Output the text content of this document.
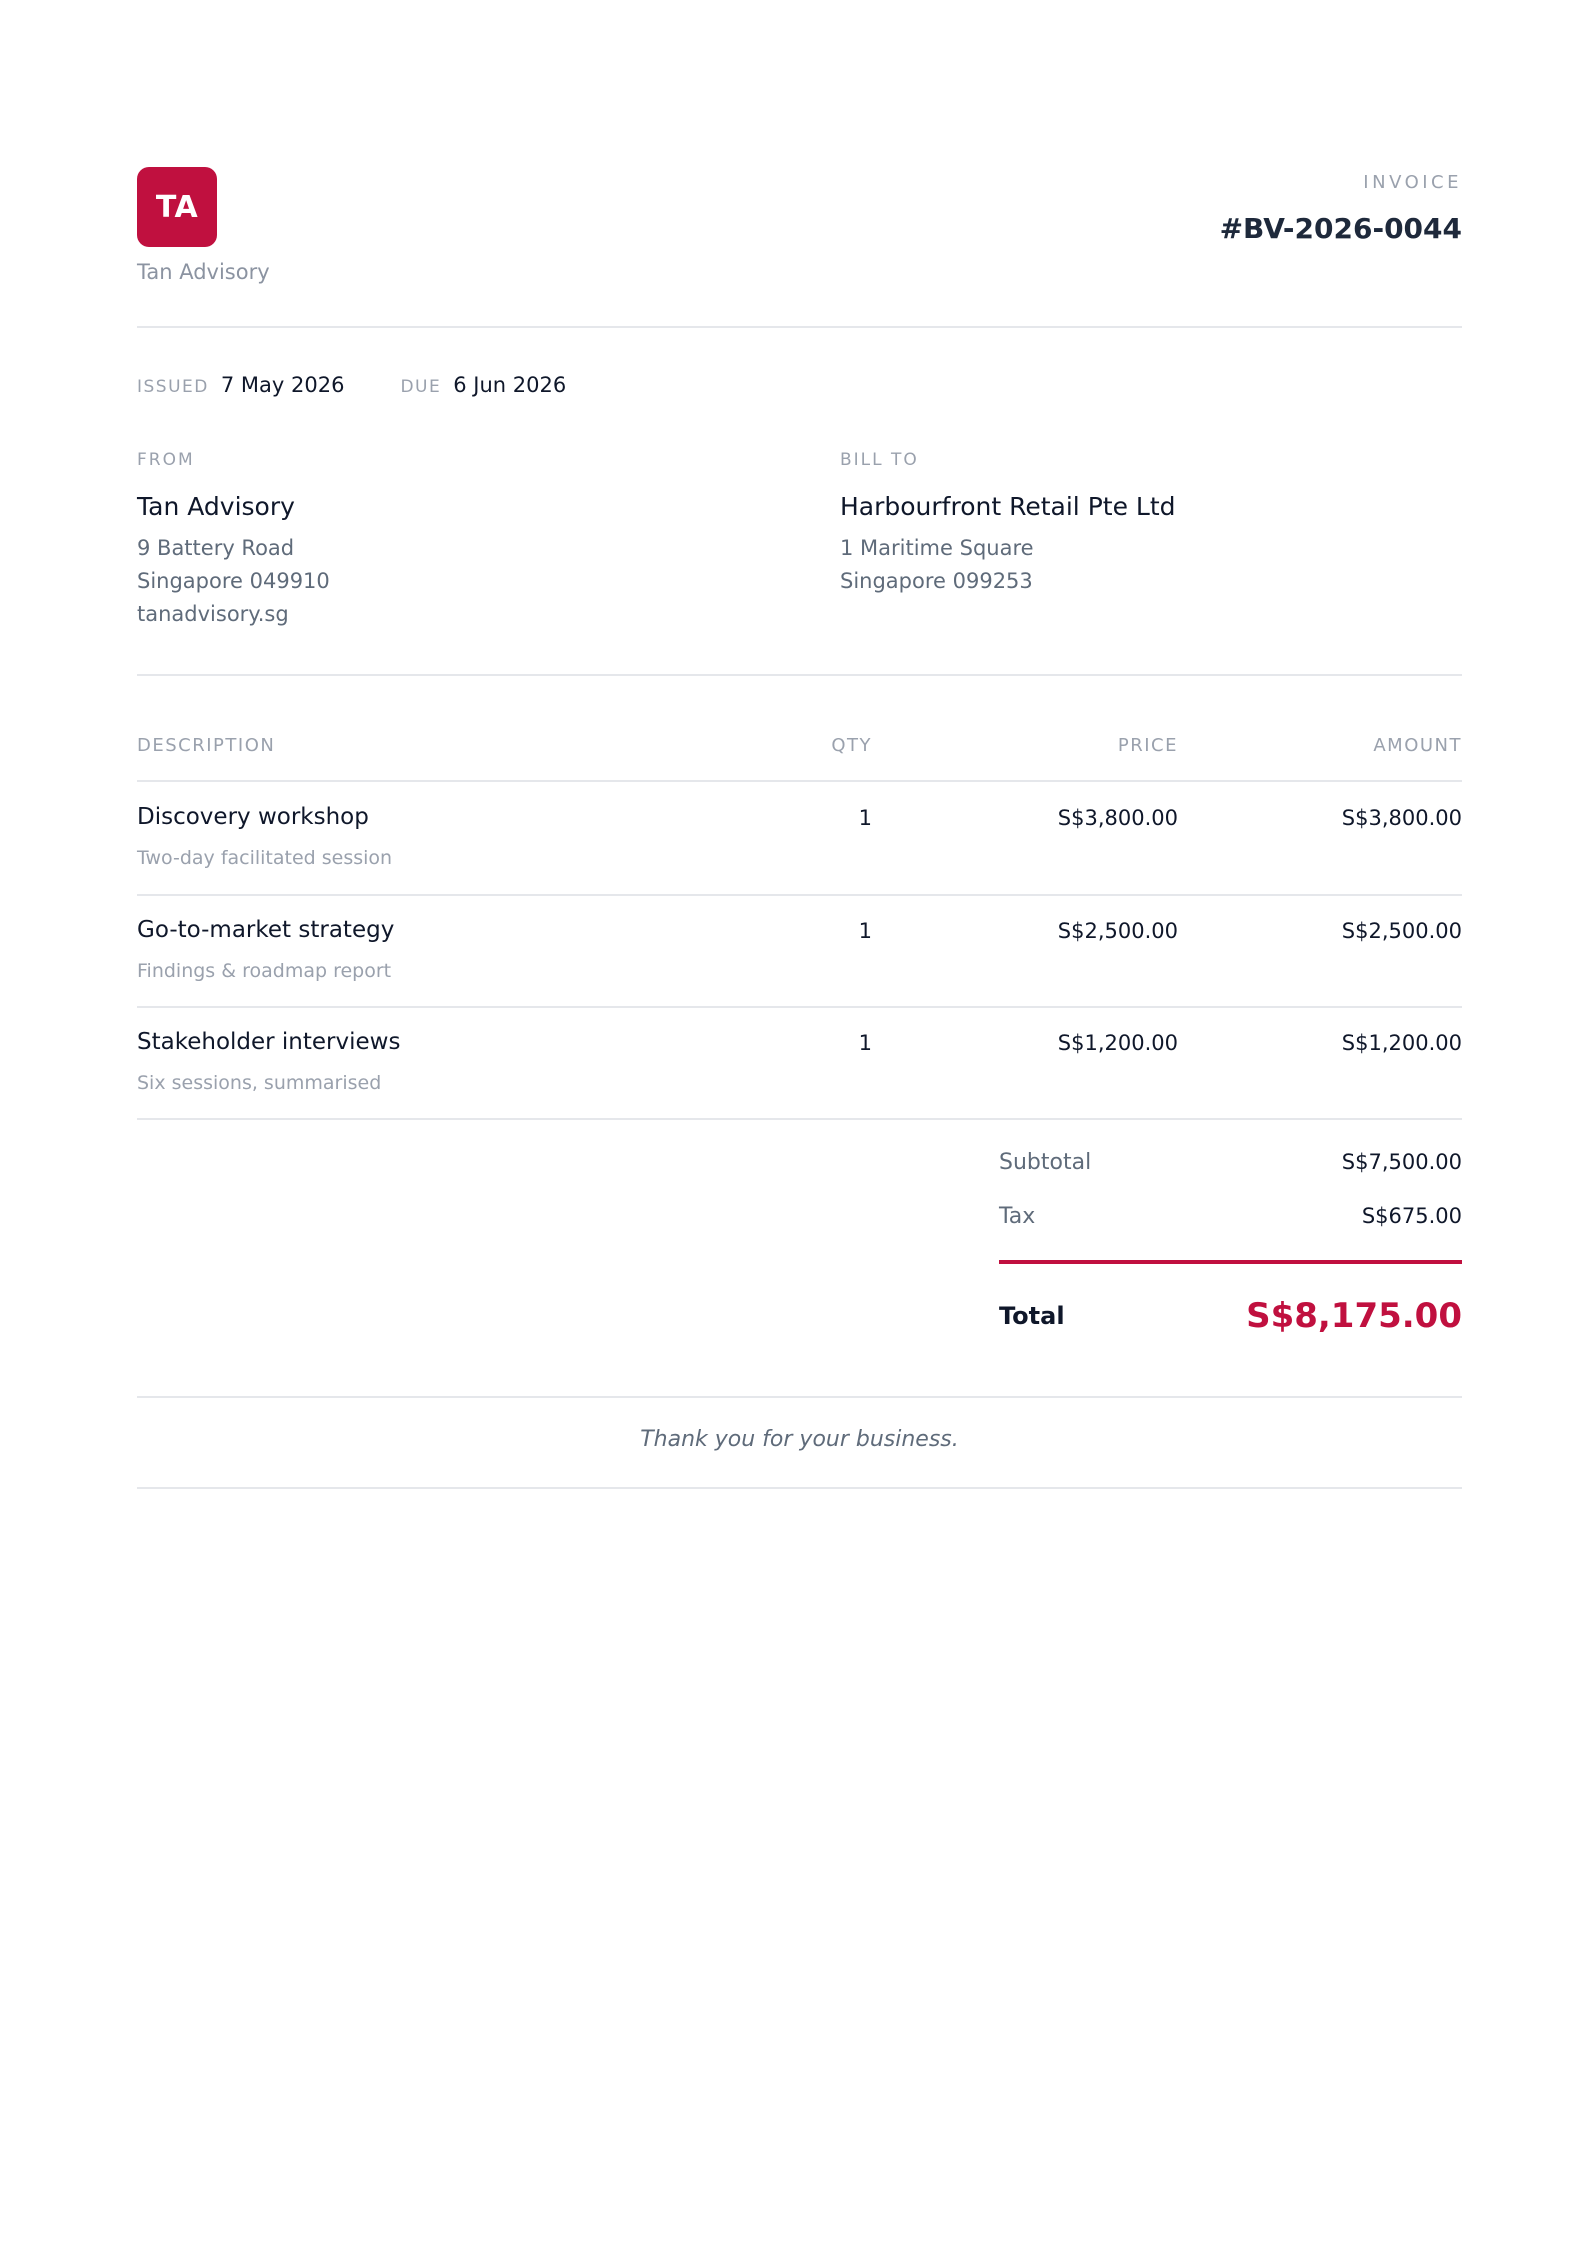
TA
Tan Advisory
INVOICE
#BV-2026-0044
ISSUED 7 May 2026	DUE 6 Jun 2026
FROM
Tan Advisory
9 Battery Road
Singapore 049910
tanadvisory.sg
BILL TO
Harbourfront Retail Pte Ltd
1 Maritime Square
Singapore 099253
DESCRIPTION	QTY	PRICE	AMOUNT
Discovery workshop
Two-day facilitated session
1	S$3,800.00	S$3,800.00
Go-to-market strategy
Findings & roadmap report
1	S$2,500.00	S$2,500.00
Stakeholder interviews
Six sessions, summarised
1	S$1,200.00	S$1,200.00
Subtotal	S$7,500.00
Tax	S$675.00
Total	S$8,175.00
Thank you for your business.
